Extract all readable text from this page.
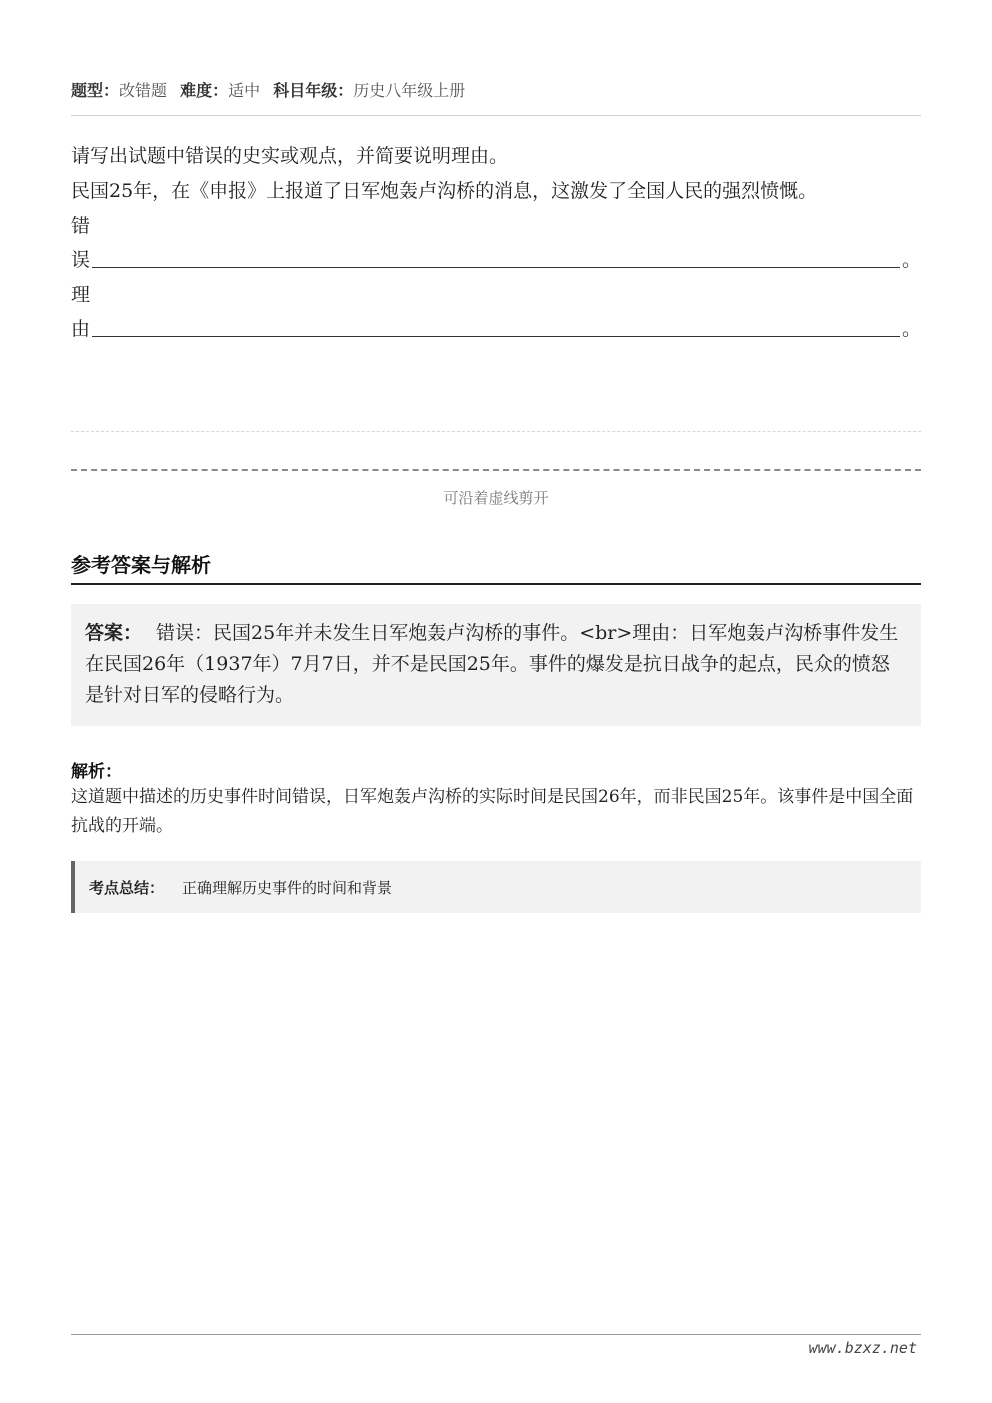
题型：改错题 难度：适中 科目年级：历史八年级上册
请写出试题中错误的史实或观点，并简要说明理由。
民国25年，在《申报》上报道了日军炮轰卢沟桥的消息，这激发了全国人民的强烈愤慨。
错
误	。
理
由	。
可沿着虚线剪开
参考答案与解析
答案： 错误：民国25年并未发生日军炮轰卢沟桥的事件。<br>理由：日军炮轰卢沟桥事件发生在民国26年（1937年）7月7日，并不是民国25年。事件的爆发是抗日战争的起点，民众的愤怒是针对日军的侵略行为。
解析：
这道题中描述的历史事件时间错误，日军炮轰卢沟桥的实际时间是民国26年，而非民国25年。该事件是中国全面抗战的开端。
考点总结： 正确理解历史事件的时间和背景
www.bzxz.net
